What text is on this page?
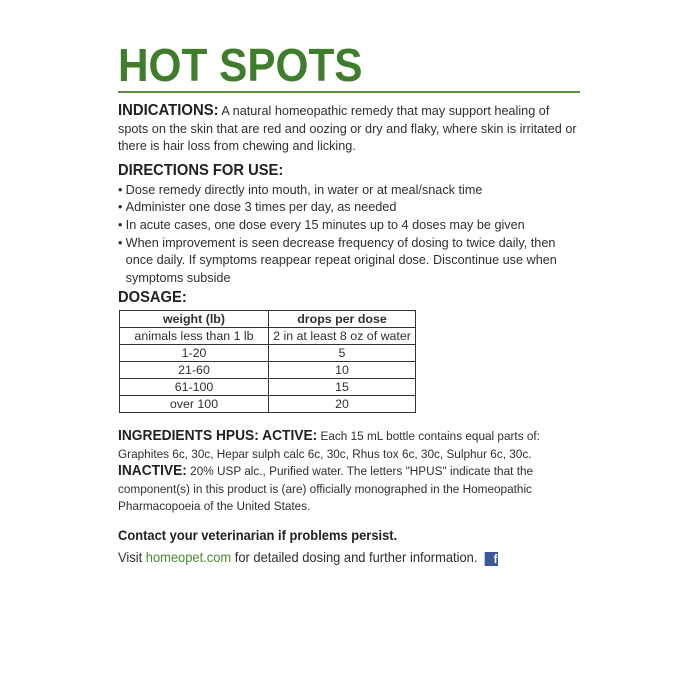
HOT SPOTS
INDICATIONS: A natural homeopathic remedy that may support healing of spots on the skin that are red and oozing or dry and flaky, where skin is irritated or there is hair loss from chewing and licking.
DIRECTIONS FOR USE:
• Dose remedy directly into mouth, in water or at meal/snack time
• Administer one dose 3 times per day, as needed
• In acute cases, one dose every 15 minutes up to 4 doses may be given
• When improvement is seen decrease frequency of dosing to twice daily, then once daily. If symptoms reappear repeat original dose. Discontinue use when symptoms subside
DOSAGE:
weight (lb)	drops per dose
animals less than 1 lb	2 in at least 8 oz of water
1-20	5
21-60	10
61-100	15
over 100	20
INGREDIENTS HPUS: ACTIVE: Each 15 mL bottle contains equal parts of: Graphites 6c, 30c, Hepar sulph calc 6c, 30c, Rhus tox 6c, 30c, Sulphur 6c, 30c. INACTIVE: 20% USP alc., Purified water. The letters "HPUS" indicate that the component(s) in this product is (are) officially monographed in the Homeopathic Pharmacopoeia of the United States.
Contact your veterinarian if problems persist.
Visit homeopet.com for detailed dosing and further information. f
